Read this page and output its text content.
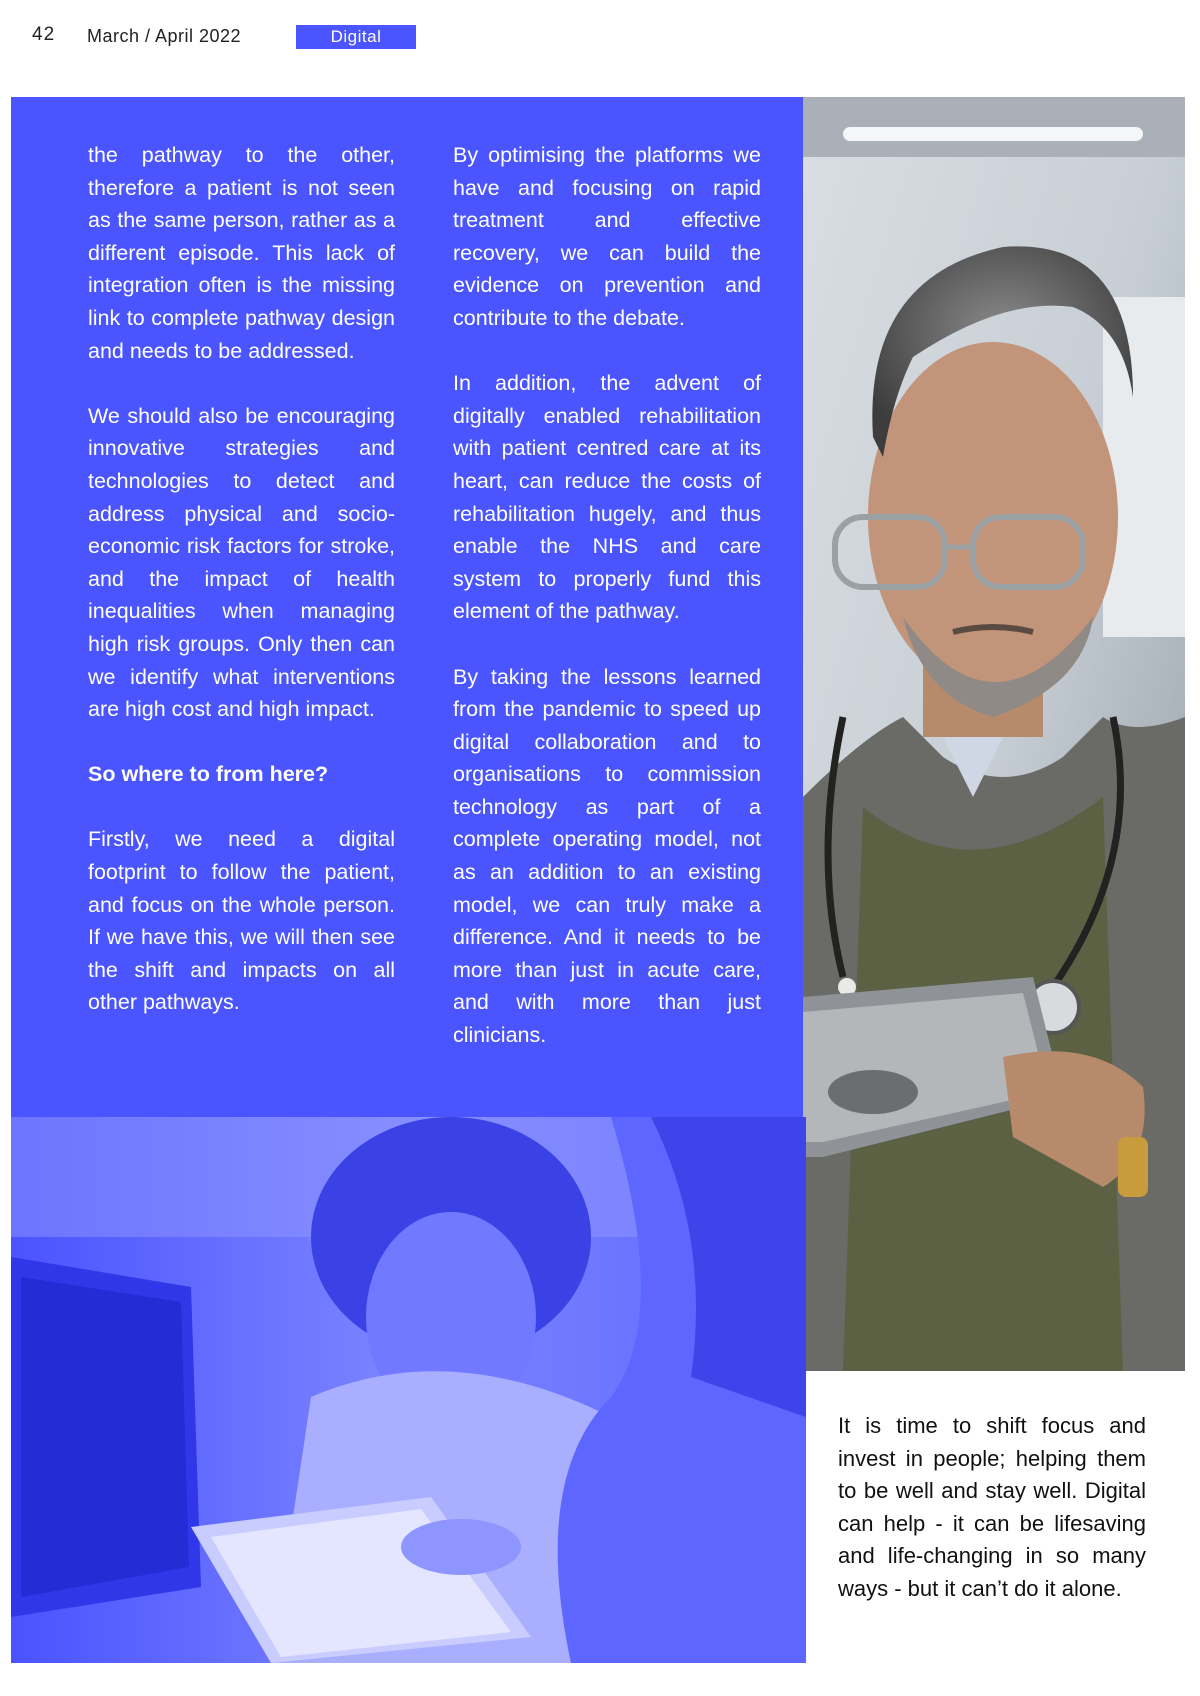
42 March / April 2022	Digital

the pathway to the other, therefore a patient is not seen as the same person, rather as a different episode. This lack of integration often is the missing link to complete pathway design and needs to be addressed.

We should also be encouraging innovative strategies and technologies to detect and address physical and socio-economic risk factors for stroke, and the impact of health inequalities when managing high risk groups. Only then can we identify what interventions are high cost and high impact.

So where to from here?

Firstly, we need a digital footprint to follow the patient, and focus on the whole person. If we have this, we will then see the shift and impacts on all other pathways.

By optimising the platforms we have and focusing on rapid treatment and effective recovery, we can build the evidence on prevention and contribute to the debate.

In addition, the advent of digitally enabled rehabilitation with patient centred care at its heart, can reduce the costs of rehabilitation hugely, and thus enable the NHS and care system to properly fund this element of the pathway.

By taking the lessons learned from the pandemic to speed up digital collaboration and to organisations to commission technology as part of a complete operating model, not as an addition to an existing model, we can truly make a difference. And it needs to be more than just in acute care, and with more than just clinicians.

It is time to shift focus and invest in people; helping them to be well and stay well. Digital can help - it can be lifesaving and life-changing in so many ways - but it can’t do it alone.
